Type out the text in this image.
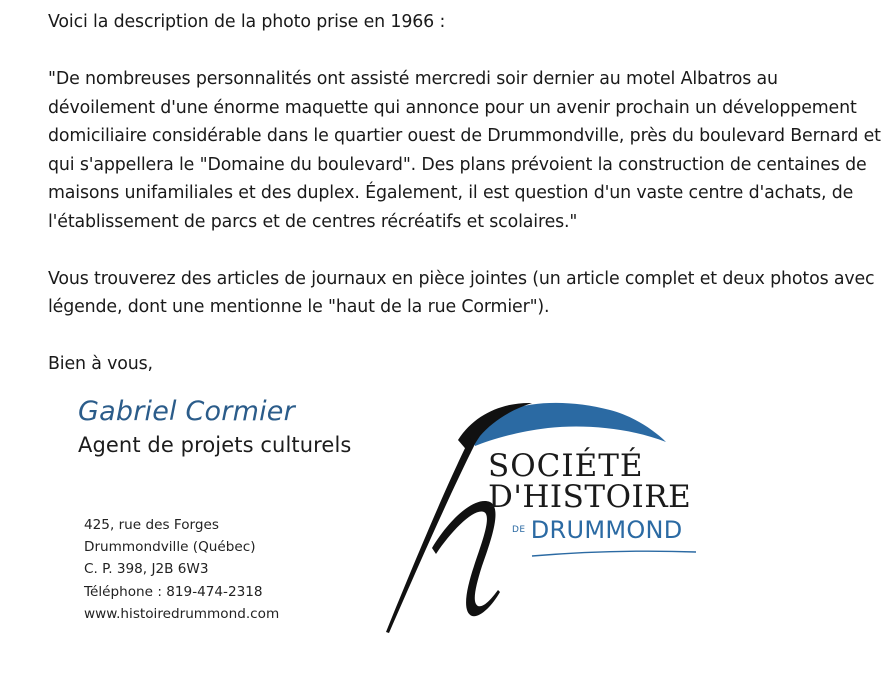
Voici la description de la photo prise en 1966 :

"De nombreuses personnalités ont assisté mercredi soir dernier au motel Albatros au dévoilement d'une énorme maquette qui annonce pour un avenir prochain un développement domiciliaire considérable dans le quartier ouest de Drummondville, près du boulevard Bernard et qui s'appellera le "Domaine du boulevard". Des plans prévoient la construction de centaines de maisons unifamiliales et des duplex. Également, il est question d'un vaste centre d'achats, de l'établissement de parcs et de centres récréatifs et scolaires."

Vous trouverez des articles de journaux en pièce jointes (un article complet et deux photos avec légende, dont une mentionne le "haut de la rue Cormier").

Bien à vous,

Gabriel Cormier
Agent de projets culturels
425, rue des Forges
Drummondville (Québec)
C. P. 398, J2B 6W3
Téléphone : 819-474-2318
www.histoiredrummond.com
SOCIÉTÉ
D'HISTOIRE
DE DRUMMOND
